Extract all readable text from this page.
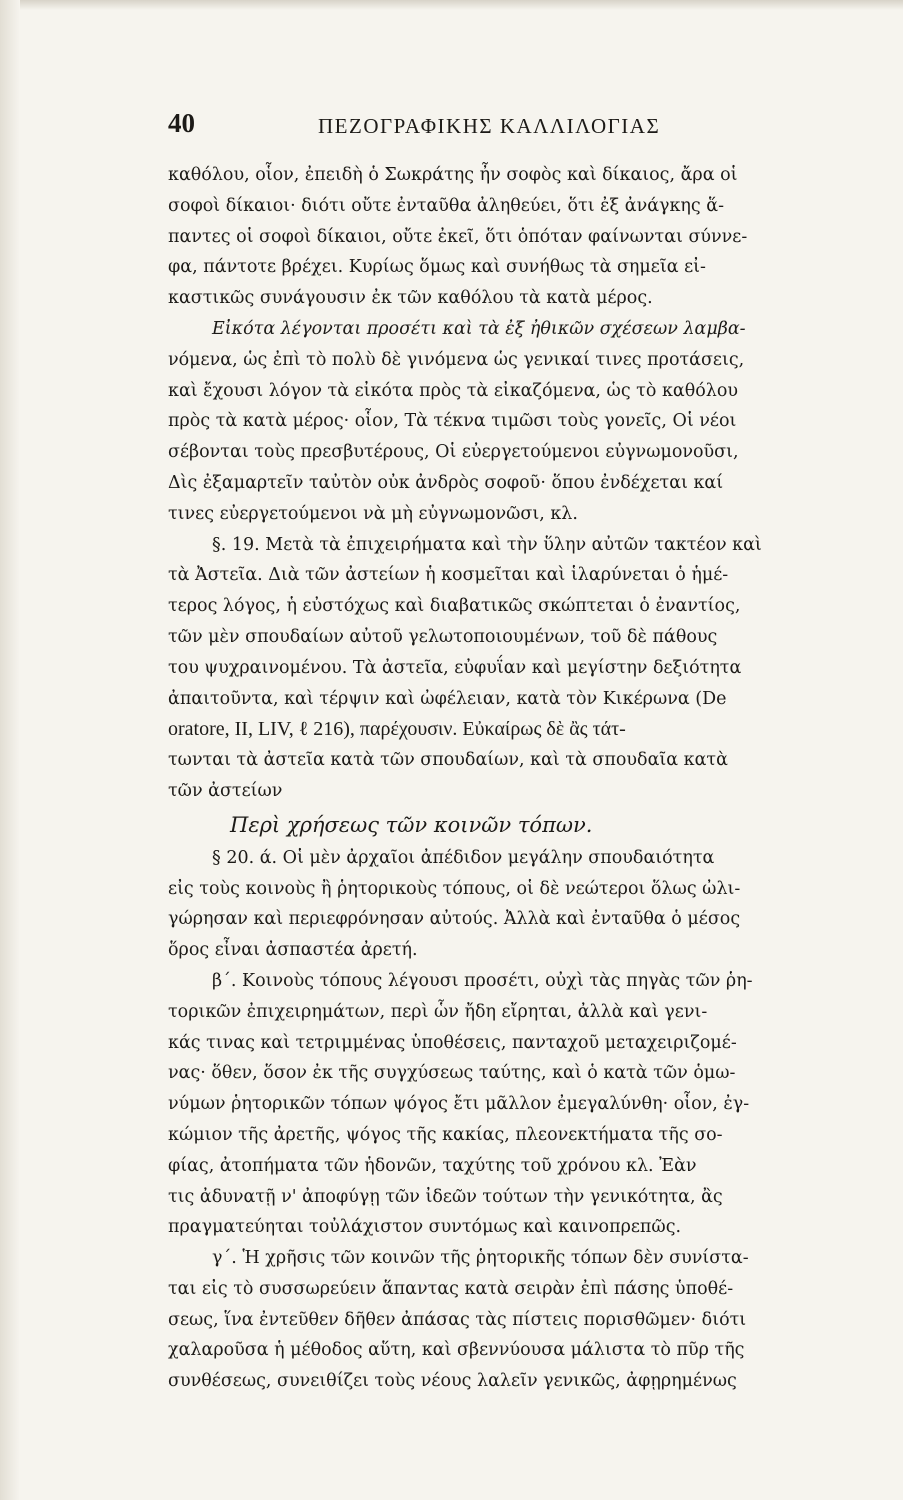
40	ΠΕΖΟΓΡΑΦΙΚΗΣ ΚΑΛΛΙΛΟΓΙΑΣ
καθόλου, οἷον, ἐπειδὴ ὁ Σωκράτης ἦν σοφὸς καὶ δίκαιος, ἄρα οἱ
σοφοὶ δίκαιοι· διότι οὔτε ἐνταῦθα ἀληθεύει, ὅτι ἐξ ἀνάγκης ἅ-
παντες οἱ σοφοὶ δίκαιοι, οὔτε ἐκεῖ, ὅτι ὁπόταν φαίνωνται σύννε-
φα, πάντοτε βρέχει. Κυρίως ὅμως καὶ συνήθως τὰ σημεῖα εἰ-
καστικῶς συνάγουσιν ἐκ τῶν καθόλου τὰ κατὰ μέρος.
Εἰκότα λέγονται προσέτι καὶ τὰ ἐξ ἠθικῶν σχέσεων λαμβα-
νόμενα, ὡς ἐπὶ τὸ πολὺ δὲ γινόμενα ὡς γενικαί τινες προτάσεις,
καὶ ἔχουσι λόγον τὰ εἰκότα πρὸς τὰ εἰκαζόμενα, ὡς τὸ καθόλου
πρὸς τὰ κατὰ μέρος· οἷον, Τὰ τέκνα τιμῶσι τοὺς γονεῖς, Οἱ νέοι
σέβονται τοὺς πρεσβυτέρους, Οἱ εὐεργετούμενοι εὐγνωμονοῦσι,
Δὶς ἐξαμαρτεῖν ταὐτὸν οὐκ ἀνδρὸς σοφοῦ· ὅπου ἐνδέχεται καί
τινες εὐεργετούμενοι νὰ μὴ εὐγνωμονῶσι, κλ.
§. 19. Μετὰ τὰ ἐπιχειρήματα καὶ τὴν ὕλην αὐτῶν τακτέον καὶ
τὰ Ἀστεῖα. Διὰ τῶν ἀστείων ἡ κοσμεῖται καὶ ἱλαρύνεται ὁ ἡμέ-
τερος λόγος, ἡ εὐστόχως καὶ διαβατικῶς σκώπτεται ὁ ἐναντίος,
τῶν μὲν σπουδαίων αὐτοῦ γελωτοποιουμένων, τοῦ δὲ πάθους
του ψυχραινομένου. Τὰ ἀστεῖα, εὐφυΐαν καὶ μεγίστην δεξιότητα
ἀπαιτοῦντα, καὶ τέρψιν καὶ ὠφέλειαν, κατὰ τὸν Κικέρωνα (De
oratore, II, LIV, ℓ 216), παρέχουσιν. Εὐκαίρως δὲ ἂς τάτ-
τωνται τὰ ἀστεῖα κατὰ τῶν σπουδαίων, καὶ τὰ σπουδαῖα κατὰ
τῶν ἀστείων
Περὶ χρήσεως τῶν κοινῶν τόπων.
§ 20. ά. Οἱ μὲν ἀρχαῖοι ἀπέδιδον μεγάλην σπουδαιότητα
εἰς τοὺς κοινοὺς ἢ ῥητορικοὺς τόπους, οἱ δὲ νεώτεροι ὅλως ὠλι-
γώρησαν καὶ περιεφρόνησαν αὐτούς. Ἀλλὰ καὶ ἐνταῦθα ὁ μέσος
ὅρος εἶναι ἀσπαστέα ἀρετή.
β΄. Κοινοὺς τόπους λέγουσι προσέτι, οὐχὶ τὰς πηγὰς τῶν ῥη-
τορικῶν ἐπιχειρημάτων, περὶ ὧν ἤδη εἴρηται, ἀλλὰ καὶ γενι-
κάς τινας καὶ τετριμμένας ὑποθέσεις, πανταχοῦ μεταχειριζομέ-
νας· ὅθεν, ὅσον ἐκ τῆς συγχύσεως ταύτης, καὶ ὁ κατὰ τῶν ὁμω-
νύμων ῥητορικῶν τόπων ψόγος ἔτι μᾶλλον ἐμεγαλύνθη· οἷον, ἐγ-
κώμιον τῆς ἀρετῆς, ψόγος τῆς κακίας, πλεονεκτήματα τῆς σο-
φίας, ἀτοπήματα τῶν ἡδονῶν, ταχύτης τοῦ χρόνου κλ. Ἐὰν
τις ἀδυνατῇ ν' ἀποφύγῃ τῶν ἰδεῶν τούτων τὴν γενικότητα, ἂς
πραγματεύηται τοὐλάχιστον συντόμως καὶ καινοπρεπῶς.
γ΄. Ἡ χρῆσις τῶν κοινῶν τῆς ῥητορικῆς τόπων δὲν συνίστα-
ται εἰς τὸ συσσωρεύειν ἅπαντας κατὰ σειρὰν ἐπὶ πάσης ὑποθέ-
σεως, ἵνα ἐντεῦθεν δῆθεν ἀπάσας τὰς πίστεις πορισθῶμεν· διότι
χαλαροῦσα ἡ μέθοδος αὕτη, καὶ σβεννύουσα μάλιστα τὸ πῦρ τῆς
συνθέσεως, συνειθίζει τοὺς νέους λαλεῖν γενικῶς, ἀφῃρημένως
